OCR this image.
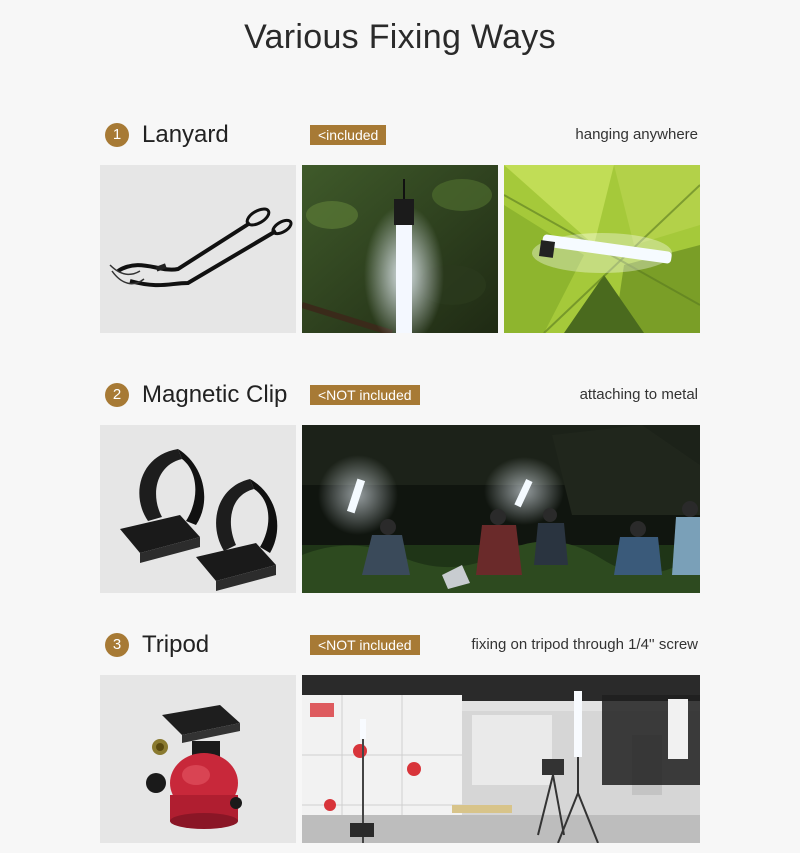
Various Fixing Ways
1 Lanyard	<included	hanging anywhere
2 Magnetic Clip	<NOT included	attaching to metal
3 Tripod	<NOT included	fixing on tripod through 1/4'' screw
